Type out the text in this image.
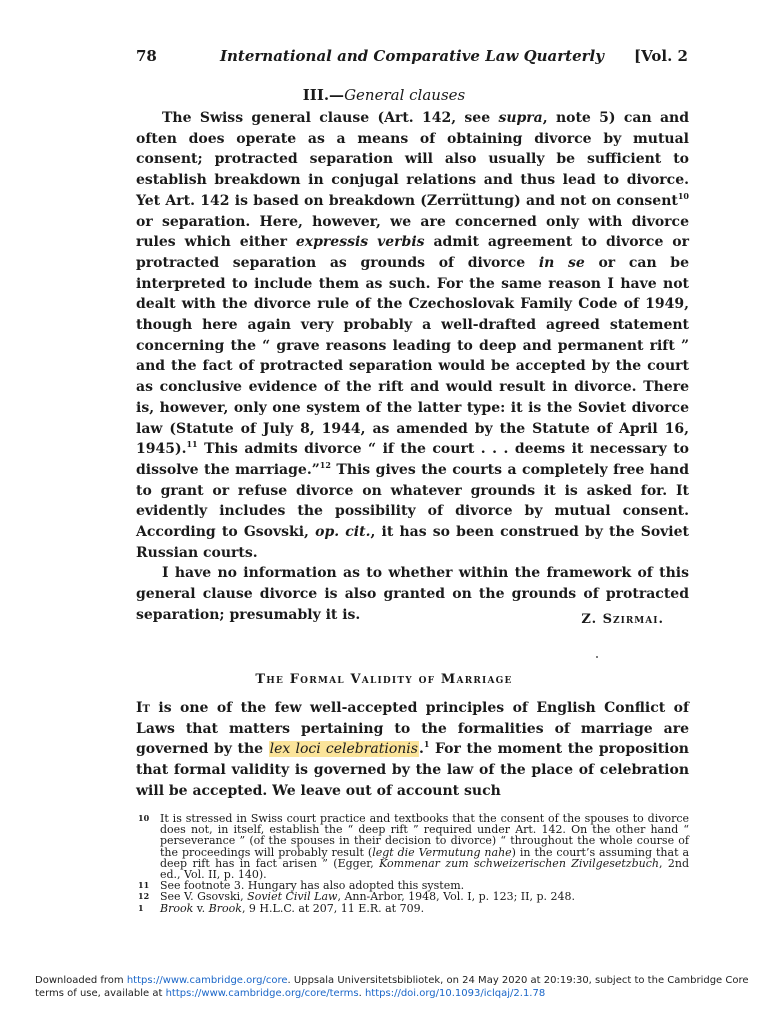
78	International and Comparative Law Quarterly [Vol. 2
III.—General clauses

The Swiss general clause (Art. 142, see supra, note 5) can and often does operate as a means of obtaining divorce by mutual consent; protracted separation will also usually be sufficient to establish breakdown in conjugal relations and thus lead to divorce. Yet Art. 142 is based on breakdown (Zerrüttung) and not on consent$^{10}$ or separation. Here, however, we are concerned only with divorce rules which either expressis verbis admit agreement to divorce or protracted separation as grounds of divorce in se or can be interpreted to include them as such. For the same reason I have not dealt with the divorce rule of the Czechoslovak Family Code of 1949, though here again very probably a well-drafted agreed statement concerning the “ grave reasons leading to deep and permanent rift ” and the fact of protracted separation would be accepted by the court as conclusive evidence of the rift and would result in divorce. There is, however, only one system of the latter type: it is the Soviet divorce law (Statute of July 8, 1944, as amended by the Statute of April 16, 1945).$^{11}$ This admits divorce “ if the court . . . deems it necessary to dissolve the marriage.”$^{12}$ This gives the courts a completely free hand to grant or refuse divorce on whatever grounds it is asked for. It evidently includes the possibility of divorce by mutual consent. According to Gsovski, op. cit., it has so been construed by the Soviet Russian courts.

I have no information as to whether within the framework of this general clause divorce is also granted on the grounds of protracted separation; presumably it is.	Z. Szirmai.
The Formal Validity of Marriage

It is one of the few well-accepted principles of English Conflict of Laws that matters pertaining to the formalities of marriage are governed by the lex loci celebrationis.$^1$ For the moment the proposition that formal validity is governed by the law of the place of celebration will be accepted. We leave out of account such

10 It is stressed in Swiss court practice and textbooks that the consent of the spouses to divorce does not, in itself, establish the “ deep rift ” required under Art. 142. On the other hand “ perseverance ” (of the spouses in their decision to divorce) “ throughout the whole course of the proceedings will probably result (legt die Vermutung nahe) in the court’s assuming that a deep rift has in fact arisen ” (Egger, Kommenar zum schweizerischen Zivilgesetzbuch, 2nd ed., Vol. II, p. 140).

11 See footnote 3. Hungary has also adopted this system.

12 See V. Gsovski, Soviet Civil Law, Ann-Arbor, 1948, Vol. I, p. 123; II, p. 248.

1 Brook v. Brook, 9 H.L.C. at 207, 11 E.R. at 709.

Downloaded from https://www.cambridge.org/core. Uppsala Universitetsbibliotek, on 24 May 2020 at 20:19:30, subject to the Cambridge Core terms of use, available at https://www.cambridge.org/core/terms. https://doi.org/10.1093/iclqaj/2.1.78
